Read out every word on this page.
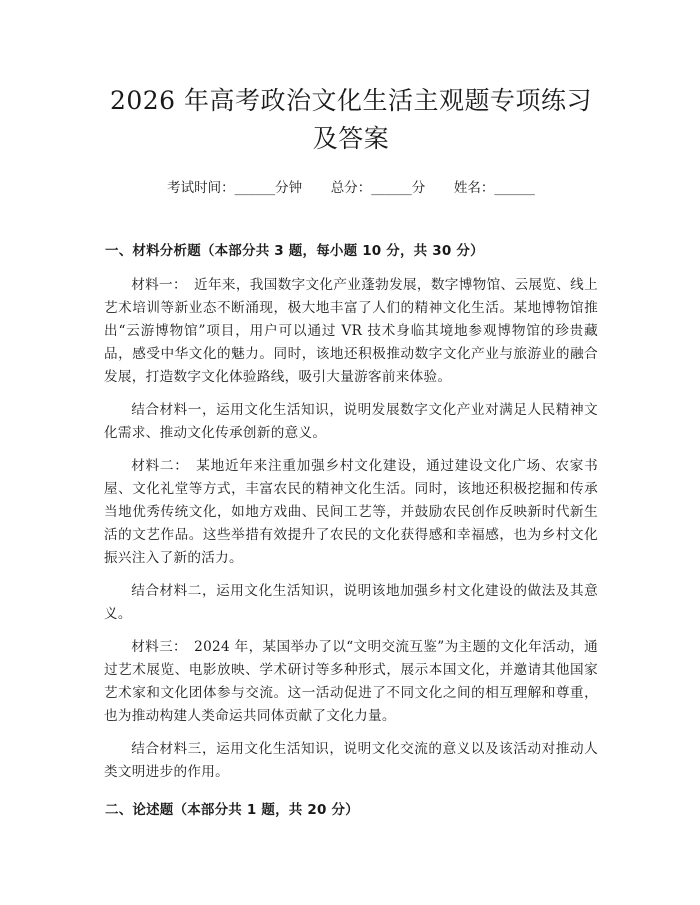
2026 年高考政治文化生活主观题专项练习及答案
考试时间：______分钟 总分：______分 姓名：______
一、材料分析题（本部分共 3 题，每小题 10 分，共 30 分）

材料一：　近年来，我国数字文化产业蓬勃发展，数字博物馆、云展览、线上艺术培训等新业态不断涌现，极大地丰富了人们的精神文化生活。某地博物馆推出“云游博物馆”项目，用户可以通过 VR 技术身临其境地参观博物馆的珍贵藏品，感受中华文化的魅力。同时，该地还积极推动数字文化产业与旅游业的融合发展，打造数字文化体验路线，吸引大量游客前来体验。

结合材料一，运用文化生活知识，说明发展数字文化产业对满足人民精神文化需求、推动文化传承创新的意义。

材料二：　某地近年来注重加强乡村文化建设，通过建设文化广场、农家书屋、文化礼堂等方式，丰富农民的精神文化生活。同时，该地还积极挖掘和传承当地优秀传统文化，如地方戏曲、民间工艺等，并鼓励农民创作反映新时代新生活的文艺作品。这些举措有效提升了农民的文化获得感和幸福感，也为乡村文化振兴注入了新的活力。

结合材料二，运用文化生活知识，说明该地加强乡村文化建设的做法及其意义。

材料三：　2024 年，某国举办了以“文明交流互鉴”为主题的文化年活动，通过艺术展览、电影放映、学术研讨等多种形式，展示本国文化，并邀请其他国家艺术家和文化团体参与交流。这一活动促进了不同文化之间的相互理解和尊重，也为推动构建人类命运共同体贡献了文化力量。

结合材料三，运用文化生活知识，说明文化交流的意义以及该活动对推动人类文明进步的作用。

二、论述题（本部分共 1 题，共 20 分）
